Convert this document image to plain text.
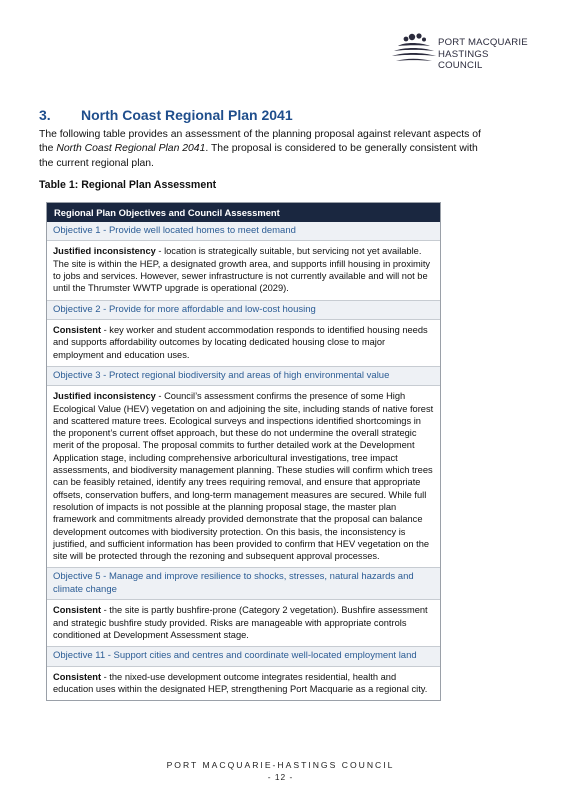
PORT MACQUARIE
HASTINGS COUNCIL
3. North Coast Regional Plan 2041

The following table provides an assessment of the planning proposal against relevant aspects of the North Coast Regional Plan 2041. The proposal is considered to be generally consistent with the current regional plan.

Table 1: Regional Plan Assessment
Regional Plan Objectives and Council Assessment
Objective 1 - Provide well located homes to meet demand
Justified inconsistency - location is strategically suitable, but servicing not yet available. The site is within the HEP, a designated growth area, and supports infill housing in proximity to jobs and services. However, sewer infrastructure is not currently available and will not be until the Thrumster WWTP upgrade is operational (2029).
Objective 2 - Provide for more affordable and low-cost housing
Consistent - key worker and student accommodation responds to identified housing needs and supports affordability outcomes by locating dedicated housing close to major employment and education uses.
Objective 3 - Protect regional biodiversity and areas of high environmental value
Justified inconsistency - Council’s assessment confirms the presence of some High Ecological Value (HEV) vegetation on and adjoining the site, including stands of native forest and scattered mature trees. Ecological surveys and inspections identified shortcomings in the proponent’s current offset approach, but these do not undermine the overall strategic merit of the proposal. The proposal commits to further detailed work at the Development Application stage, including comprehensive arboricultural investigations, tree impact assessments, and biodiversity management planning. These studies will confirm which trees can be feasibly retained, identify any trees requiring removal, and ensure that appropriate offsets, conservation buffers, and long-term management measures are secured. While full resolution of impacts is not possible at the planning proposal stage, the master plan framework and commitments already provided demonstrate that the proposal can balance development outcomes with biodiversity protection. On this basis, the inconsistency is justified, and sufficient information has been provided to confirm that HEV vegetation on the site will be protected through the rezoning and subsequent approval processes.
Objective 5 - Manage and improve resilience to shocks, stresses, natural hazards and climate change
Consistent - the site is partly bushfire-prone (Category 2 vegetation). Bushfire assessment and strategic bushfire study provided. Risks are manageable with appropriate controls conditioned at Development Assessment stage.
Objective 11 - Support cities and centres and coordinate well-located employment land
Consistent - the nixed-use development outcome integrates residential, health and education uses within the designated HEP, strengthening Port Macquarie as a regional city.
PORT MACQUARIE-HASTINGS COUNCIL
- 12 -
